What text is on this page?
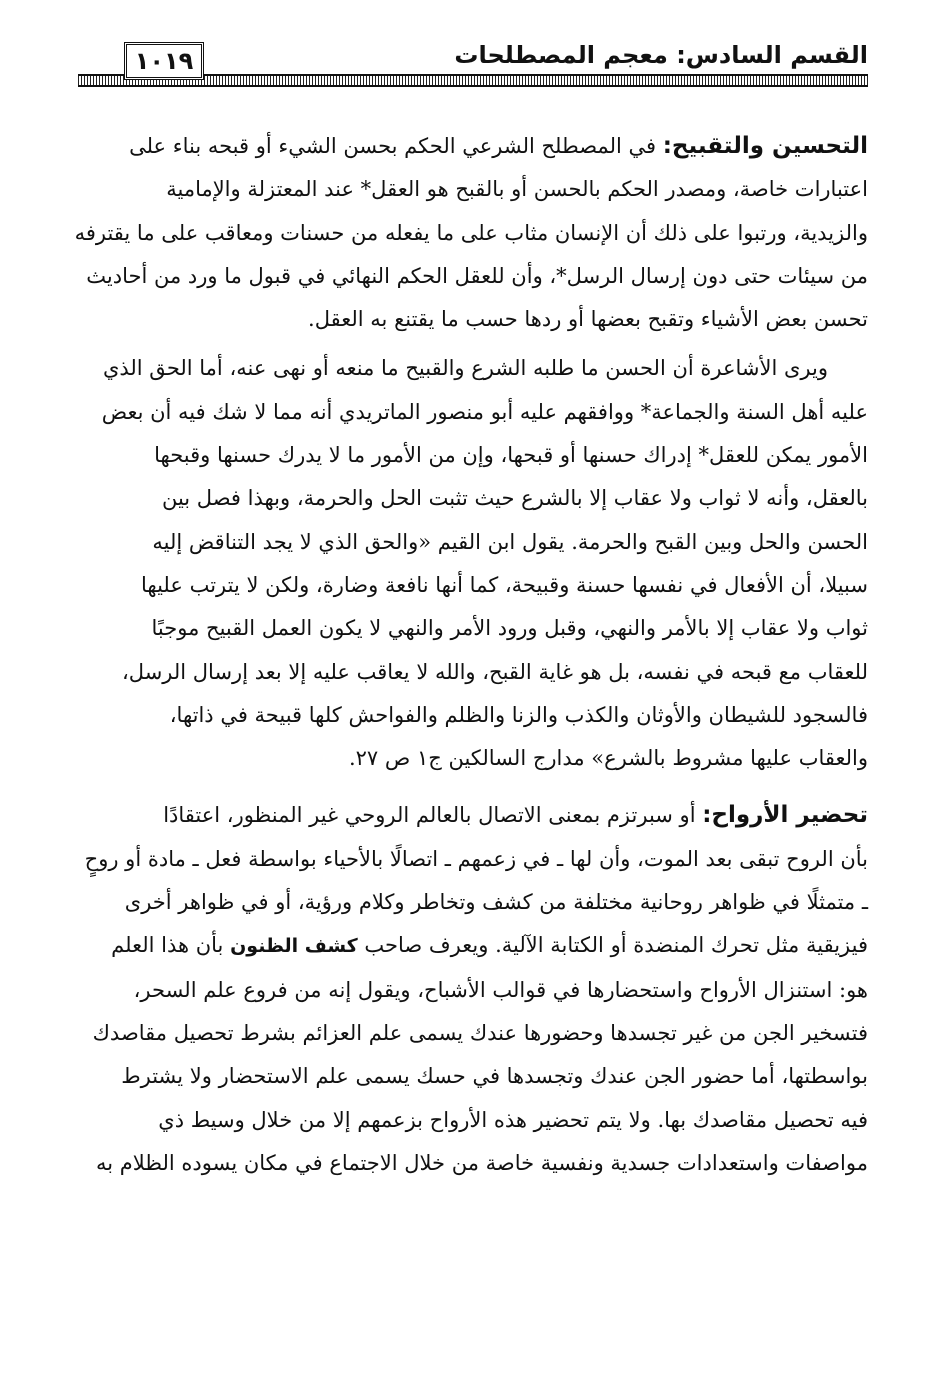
القسم السادس: معجم المصطلحات
١٠١٩

التحسين والتقبيح: في المصطلح الشرعي الحكم بحسن الشيء أو قبحه بناء على

اعتبارات خاصة، ومصدر الحكم بالحسن أو بالقبح هو العقل* عند المعتزلة والإمامية

والزيدية، ورتبوا على ذلك أن الإنسان مثاب على ما يفعله من حسنات ومعاقب على ما يقترفه

من سيئات حتى دون إرسال الرسل*، وأن للعقل الحكم النهائي في قبول ما ورد من أحاديث

تحسن بعض الأشياء وتقبح بعضها أو ردها حسب ما يقتنع به العقل.

ويرى الأشاعرة أن الحسن ما طلبه الشرع والقبيح ما منعه أو نهى عنه، أما الحق الذي

عليه أهل السنة والجماعة* ووافقهم عليه أبو منصور الماتريدي أنه مما لا شك فيه أن بعض

الأمور يمكن للعقل* إدراك حسنها أو قبحها، وإن من الأمور ما لا يدرك حسنها وقبحها

بالعقل، وأنه لا ثواب ولا عقاب إلا بالشرع حيث تثبت الحل والحرمة، وبهذا فصل بين

الحسن والحل وبين القبح والحرمة. يقول ابن القيم «والحق الذي لا يجد التناقض إليه

سبيلا، أن الأفعال في نفسها حسنة وقبيحة، كما أنها نافعة وضارة، ولكن لا يترتب عليها

ثواب ولا عقاب إلا بالأمر والنهي، وقبل ورود الأمر والنهي لا يكون العمل القبيح موجبًا

للعقاب مع قبحه في نفسه، بل هو غاية القبح، والله لا يعاقب عليه إلا بعد إرسال الرسل،

فالسجود للشيطان والأوثان والكذب والزنا والظلم والفواحش كلها قبيحة في ذاتها،

والعقاب عليها مشروط بالشرع» مدارج السالكين ج١ ص ٢٧.

تحضير الأرواح: أو سبرتزم بمعنى الاتصال بالعالم الروحي غير المنظور، اعتقادًا

بأن الروح تبقى بعد الموت، وأن لها ـ في زعمهم ـ اتصالًا بالأحياء بواسطة فعل ـ مادة أو روحٍ

ـ متمثلًا في ظواهر روحانية مختلفة من كشف وتخاطر وكلام ورؤية، أو في ظواهر أخرى

فيزيقية مثل تحرك المنضدة أو الكتابة الآلية. ويعرف صاحب كشف الظنون بأن هذا العلم

هو: استنزال الأرواح واستحضارها في قوالب الأشباح، ويقول إنه من فروع علم السحر،

فتسخير الجن من غير تجسدها وحضورها عندك يسمى علم العزائم بشرط تحصيل مقاصدك

بواسطتها، أما حضور الجن عندك وتجسدها في حسك يسمى علم الاستحضار ولا يشترط

فيه تحصيل مقاصدك بها. ولا يتم تحضير هذه الأرواح بزعمهم إلا من خلال وسيط ذي

مواصفات واستعدادات جسدية ونفسية خاصة من خلال الاجتماع في مكان يسوده الظلام به
